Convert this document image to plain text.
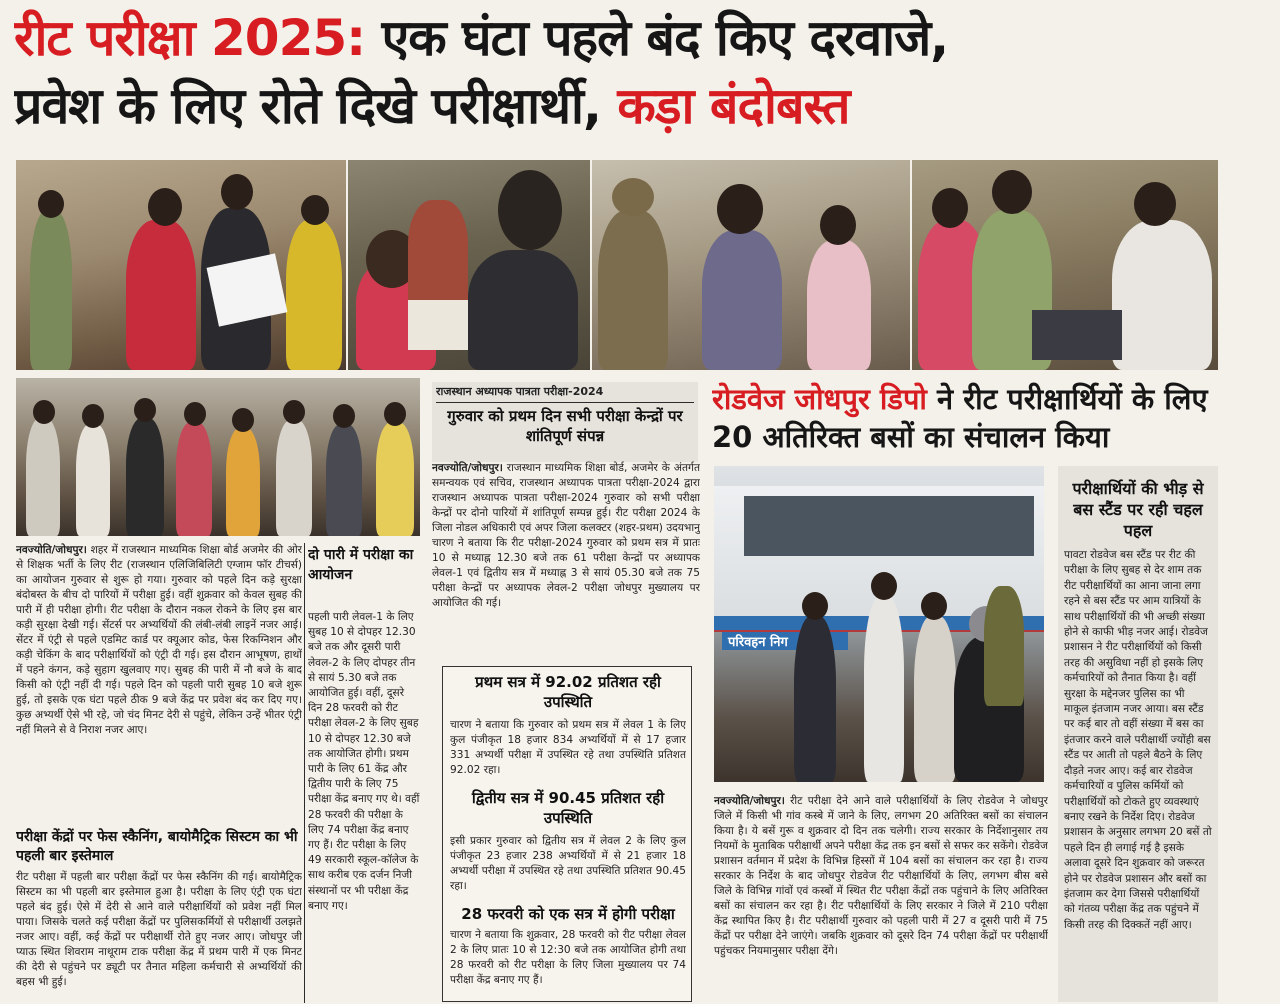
रीट परीक्षा 2025: एक घंटा पहले बंद किए दरवाजे,
प्रवेश के लिए रोते दिखे परीक्षार्थी, कड़ा बंदोबस्त
नवज्योति/जोधपुर। शहर में राजस्थान माध्यमिक शिक्षा बोर्ड अजमेर की ओर से शिक्षक भर्ती के लिए रीट (राजस्थान एलिजिबिलिटी एग्जाम फॉर टीचर्स) का आयोजन गुरुवार से शुरू हो गया। गुरुवार को पहले दिन कड़े सुरक्षा बंदोबस्त के बीच दो पारियों में परीक्षा हुई। वहीं शुक्रवार को केवल सुबह की पारी में ही परीक्षा होगी। रीट परीक्षा के दौरान नकल रोकने के लिए इस बार कड़ी सुरक्षा देखी गई। सेंटर्स पर अभ्यर्थियों की लंबी-लंबी लाइनें नजर आई। सेंटर में एंट्री से पहले एडमिट कार्ड पर क्यूआर कोड, फेस रिकग्निशन और कड़ी चेकिंग के बाद परीक्षार्थियों को एंट्री दी गई। इस दौरान आभूषण, हाथों में पहने कंगन, कड़े सुहाग खुलवाए गए। सुबह की पारी में नौ बजे के बाद किसी को एंट्री नहीं दी गई। पहले दिन को पहली पारी सुबह 10 बजे शुरू हुई, तो इसके एक घंटा पहले ठीक 9 बजे केंद्र पर प्रवेश बंद कर दिए गए। कुछ अभ्यर्थी ऐसे भी रहे, जो चंद मिनट देरी से पहुंचे, लेकिन उन्हें भीतर एंट्री नहीं मिलने से वे निराश नजर आए।
परीक्षा केंद्रों पर फेस स्कैनिंग, बायोमैट्रिक सिस्टम का भी पहली बार इस्तेमाल
रीट परीक्षा में पहली बार परीक्षा केंद्रों पर फेस स्कैनिंग की गई। बायोमैट्रिक सिस्टम का भी पहली बार इस्तेमाल हुआ है। परीक्षा के लिए एंट्री एक घंटा पहले बंद हुई। ऐसे में देरी से आने वाले परीक्षार्थियों को प्रवेश नहीं मिल पाया। जिसके चलते कई परीक्षा केंद्रों पर पुलिसकर्मियों से परीक्षार्थी उलझते नजर आए। वहीं, कई केंद्रों पर परीक्षार्थी रोते हुए नजर आए। जोधपुर जी प्याऊ स्थित शिवराम नाथूराम टाक परीक्षा केंद्र में प्रथम पारी में एक मिनट की देरी से पहुंचने पर ड्यूटी पर तैनात महिला कर्मचारी से अभ्यर्थियों की बहस भी हुई।
दो पारी में परीक्षा का आयोजन
पहली पारी लेवल-1 के लिए सुबह 10 से दोपहर 12.30 बजे तक और दूसरी पारी लेवल-2 के लिए दोपहर तीन से सायं 5.30 बजे तक आयोजित हुई। वहीं, दूसरे दिन 28 फरवरी को रीट परीक्षा लेवल-2 के लिए सुबह 10 से दोपहर 12.30 बजे तक आयोजित होगी। प्रथम पारी के लिए 61 केंद्र और द्वितीय पारी के लिए 75 परीक्षा केंद्र बनाए गए थे। वहीं 28 फरवरी की परीक्षा के लिए 74 परीक्षा केंद्र बनाए गए हैं। रीट परीक्षा के लिए 49 सरकारी स्कूल-कॉलेज के साथ करीब एक दर्जन निजी संस्थानों पर भी परीक्षा केंद्र बनाए गए।
राजस्थान अध्यापक पात्रता परीक्षा-2024
गुरुवार को प्रथम दिन सभी परीक्षा केन्द्रों पर शांतिपूर्ण संपन्न
नवज्योति/जोधपुर। राजस्थान माध्यमिक शिक्षा बोर्ड, अजमेर के अंतर्गत समन्वयक एवं सचिव, राजस्थान अध्यापक पात्रता परीक्षा-2024 द्वारा राजस्थान अध्यापक पात्रता परीक्षा-2024 गुरुवार को सभी परीक्षा केन्द्रों पर दोनो पारियों में शांतिपूर्ण सम्पन्न हुई। रीट परीक्षा 2024 के जिला नोडल अधिकारी एवं अपर जिला कलक्टर (शहर-प्रथम) उदयभानु चारण ने बताया कि रीट परीक्षा-2024 गुरुवार को प्रथम सत्र में प्रातः 10 से मध्याह्न 12.30 बजे तक 61 परीक्षा केन्द्रों पर अध्यापक लेवल-1 एवं द्वितीय सत्र में मध्याह्न 3 से सायं 05.30 बजे तक 75 परीक्षा केन्द्रों पर अध्यापक लेवल-2 परीक्षा जोधपुर मुख्यालय पर आयोजित की गई।
प्रथम सत्र में 92.02 प्रतिशत रही उपस्थिति
चारण ने बताया कि गुरुवार को प्रथम सत्र में लेवल 1 के लिए कुल पंजीकृत 18 हजार 834 अभ्यर्थियों में से 17 हजार 331 अभ्यर्थी परीक्षा में उपस्थित रहे तथा उपस्थिति प्रतिशत 92.02 रहा।
द्वितीय सत्र में 90.45 प्रतिशत रही उपस्थिति
इसी प्रकार गुरुवार को द्वितीय सत्र में लेवल 2 के लिए कुल पंजीकृत 23 हजार 238 अभ्यर्थियों में से 21 हजार 18 अभ्यर्थी परीक्षा में उपस्थित रहे तथा उपस्थिति प्रतिशत 90.45 रहा।
28 फरवरी को एक सत्र में होगी परीक्षा
चारण ने बताया कि शुक्रवार, 28 फरवरी को रीट परीक्षा लेवल 2 के लिए प्रातः 10 से 12:30 बजे तक आयोजित होगी तथा 28 फरवरी को रीट परीक्षा के लिए जिला मुख्यालय पर 74 परीक्षा केंद्र बनाए गए हैं।
रोडवेज जोधपुर डिपो ने रीट परीक्षार्थियों के लिए 20 अतिरिक्त बसों का संचालन किया
परिवहन निग
नवज्योति/जोधपुर। रीट परीक्षा देने आने वाले परीक्षार्थियों के लिए रोडवेज ने जोधपुर जिले में किसी भी गांव कस्बे में जाने के लिए, लगभग 20 अतिरिक्त बसों का संचालन किया है। ये बसें गुरू व शुक्रवार दो दिन तक चलेगी। राज्य सरकार के निर्देशानुसार तय नियमों के मुताबिक परीक्षार्थी अपने परीक्षा केंद्र तक इन बसों से सफर कर सकेंगे। रोडवेज प्रशासन वर्तमान में प्रदेश के विभिन्न हिस्सों में 104 बसों का संचालन कर रहा है। राज्य सरकार के निर्देश के बाद जोधपुर रोडवेज रीट परीक्षार्थियों के लिए, लगभग बीस बसे जिले के विभिन्न गांवों एवं कस्बों में स्थित रीट परीक्षा केंद्रों तक पहुंचाने के लिए अतिरिक्त बसों का संचालन कर रहा है। रीट परीक्षार्थियों के लिए सरकार ने जिले में 210 परीक्षा केंद्र स्थापित किए है। रीट परीक्षार्थी गुरुवार को पहली पारी में 27 व दूसरी पारी में 75 केंद्रों पर परीक्षा देने जाएंगे। जबकि शुक्रवार को दूसरे दिन 74 परीक्षा केंद्रों पर परीक्षार्थी पहुंचकर नियमानुसार परीक्षा देंगे।
परीक्षार्थियों की भीड़ से बस स्टैंड पर रही चहल पहल
पावटा रोडवेज बस स्टैंड पर रीट की परीक्षा के लिए सुबह से देर शाम तक रीट परीक्षार्थियों का आना जाना लगा रहने से बस स्टैंड पर आम यात्रियों के साथ परीक्षार्थियों की भी अच्छी संख्या होने से काफी भीड़ नजर आई। रोडवेज प्रशासन ने रीट परीक्षार्थियों को किसी तरह की असुविधा नहीं हो इसके लिए कर्मचारियों को तैनात किया है। वहीं सुरक्षा के मद्देनजर पुलिस का भी माकूल इंतजाम नजर आया। बस स्टैंड पर कई बार तो वहीं संख्या में बस का इंतजार करने वाले परीक्षार्थी ज्योंही बस स्टैंड पर आती तो पहले बैठने के लिए दौड़ते नजर आए। कई बार रोडवेज कर्मचारियों व पुलिस कर्मियों को परीक्षार्थियों को टोकते हुए व्यवस्थाएं बनाए रखने के निर्देश दिए। रोडवेज प्रशासन के अनुसार लगभग 20 बसें तो पहले दिन ही लगाई गई है इसके अलावा दूसरे दिन शुक्रवार को जरूरत होने पर रोडवेज प्रशासन और बसों का इंतजाम कर देगा जिससे परीक्षार्थियों को गंतव्य परीक्षा केंद्र तक पहुंचने में किसी तरह की दिक्कतें नहीं आए।
